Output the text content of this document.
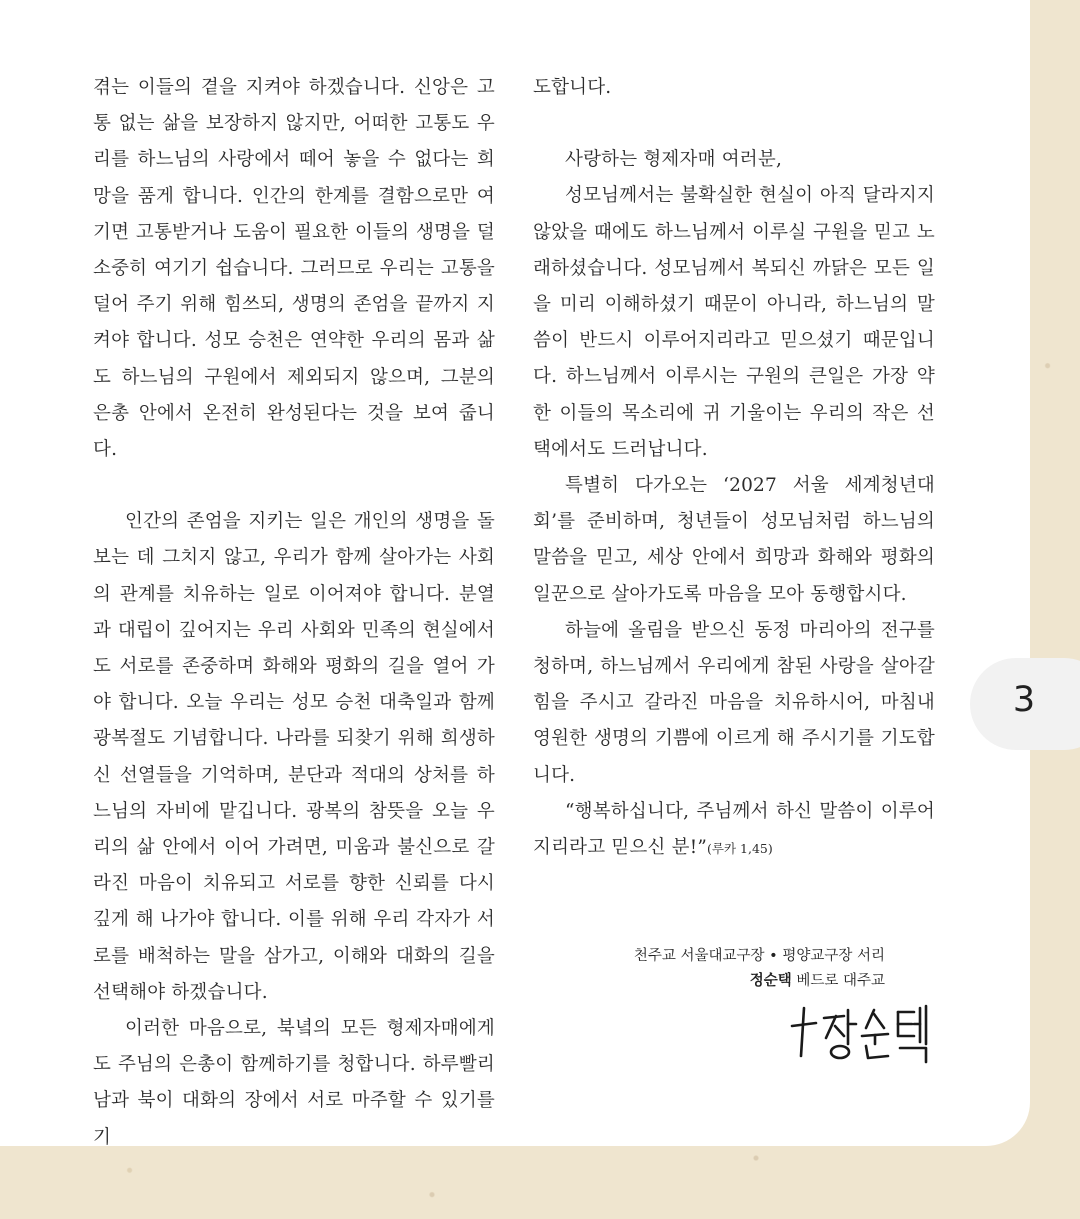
겪는 이들의 곁을 지켜야 하겠습니다. 신앙은 고통 없는 삶을 보장하지 않지만, 어떠한 고통도 우리를 하느님의 사랑에서 떼어 놓을 수 없다는 희망을 품게 합니다. 인간의 한계를 결함으로만 여기면 고통받거나 도움이 필요한 이들의 생명을 덜 소중히 여기기 쉽습니다. 그러므로 우리는 고통을 덜어 주기 위해 힘쓰되, 생명의 존엄을 끝까지 지켜야 합니다. 성모 승천은 연약한 우리의 몸과 삶도 하느님의 구원에서 제외되지 않으며, 그분의 은총 안에서 온전히 완성된다는 것을 보여 줍니다.

인간의 존엄을 지키는 일은 개인의 생명을 돌보는 데 그치지 않고, 우리가 함께 살아가는 사회의 관계를 치유하는 일로 이어져야 합니다. 분열과 대립이 깊어지는 우리 사회와 민족의 현실에서도 서로를 존중하며 화해와 평화의 길을 열어 가야 합니다. 오늘 우리는 성모 승천 대축일과 함께 광복절도 기념합니다. 나라를 되찾기 위해 희생하신 선열들을 기억하며, 분단과 적대의 상처를 하느님의 자비에 맡깁니다. 광복의 참뜻을 오늘 우리의 삶 안에서 이어 가려면, 미움과 불신으로 갈라진 마음이 치유되고 서로를 향한 신뢰를 다시 깊게 해 나가야 합니다. 이를 위해 우리 각자가 서로를 배척하는 말을 삼가고, 이해와 대화의 길을 선택해야 하겠습니다.

이러한 마음으로, 북녘의 모든 형제자매에게도 주님의 은총이 함께하기를 청합니다. 하루빨리 남과 북이 대화의 장에서 서로 마주할 수 있기를 기

도합니다.

사랑하는 형제자매 여러분,

성모님께서는 불확실한 현실이 아직 달라지지 않았을 때에도 하느님께서 이루실 구원을 믿고 노래하셨습니다. 성모님께서 복되신 까닭은 모든 일을 미리 이해하셨기 때문이 아니라, 하느님의 말씀이 반드시 이루어지리라고 믿으셨기 때문입니다. 하느님께서 이루시는 구원의 큰일은 가장 약한 이들의 목소리에 귀 기울이는 우리의 작은 선택에서도 드러납니다.

특별히 다가오는 ‘2027 서울 세계청년대회’를 준비하며, 청년들이 성모님처럼 하느님의 말씀을 믿고, 세상 안에서 희망과 화해와 평화의 일꾼으로 살아가도록 마음을 모아 동행합시다.

하늘에 올림을 받으신 동정 마리아의 전구를 청하며, 하느님께서 우리에게 참된 사랑을 살아갈 힘을 주시고 갈라진 마음을 치유하시어, 마침내 영원한 생명의 기쁨에 이르게 해 주시기를 기도합니다.

“행복하십니다, 주님께서 하신 말씀이 이루어지리라고 믿으신 분!”(루카 1,45)

천주교 서울대교구장 • 평양교구장 서리
정순택 베드로 대주교
3
